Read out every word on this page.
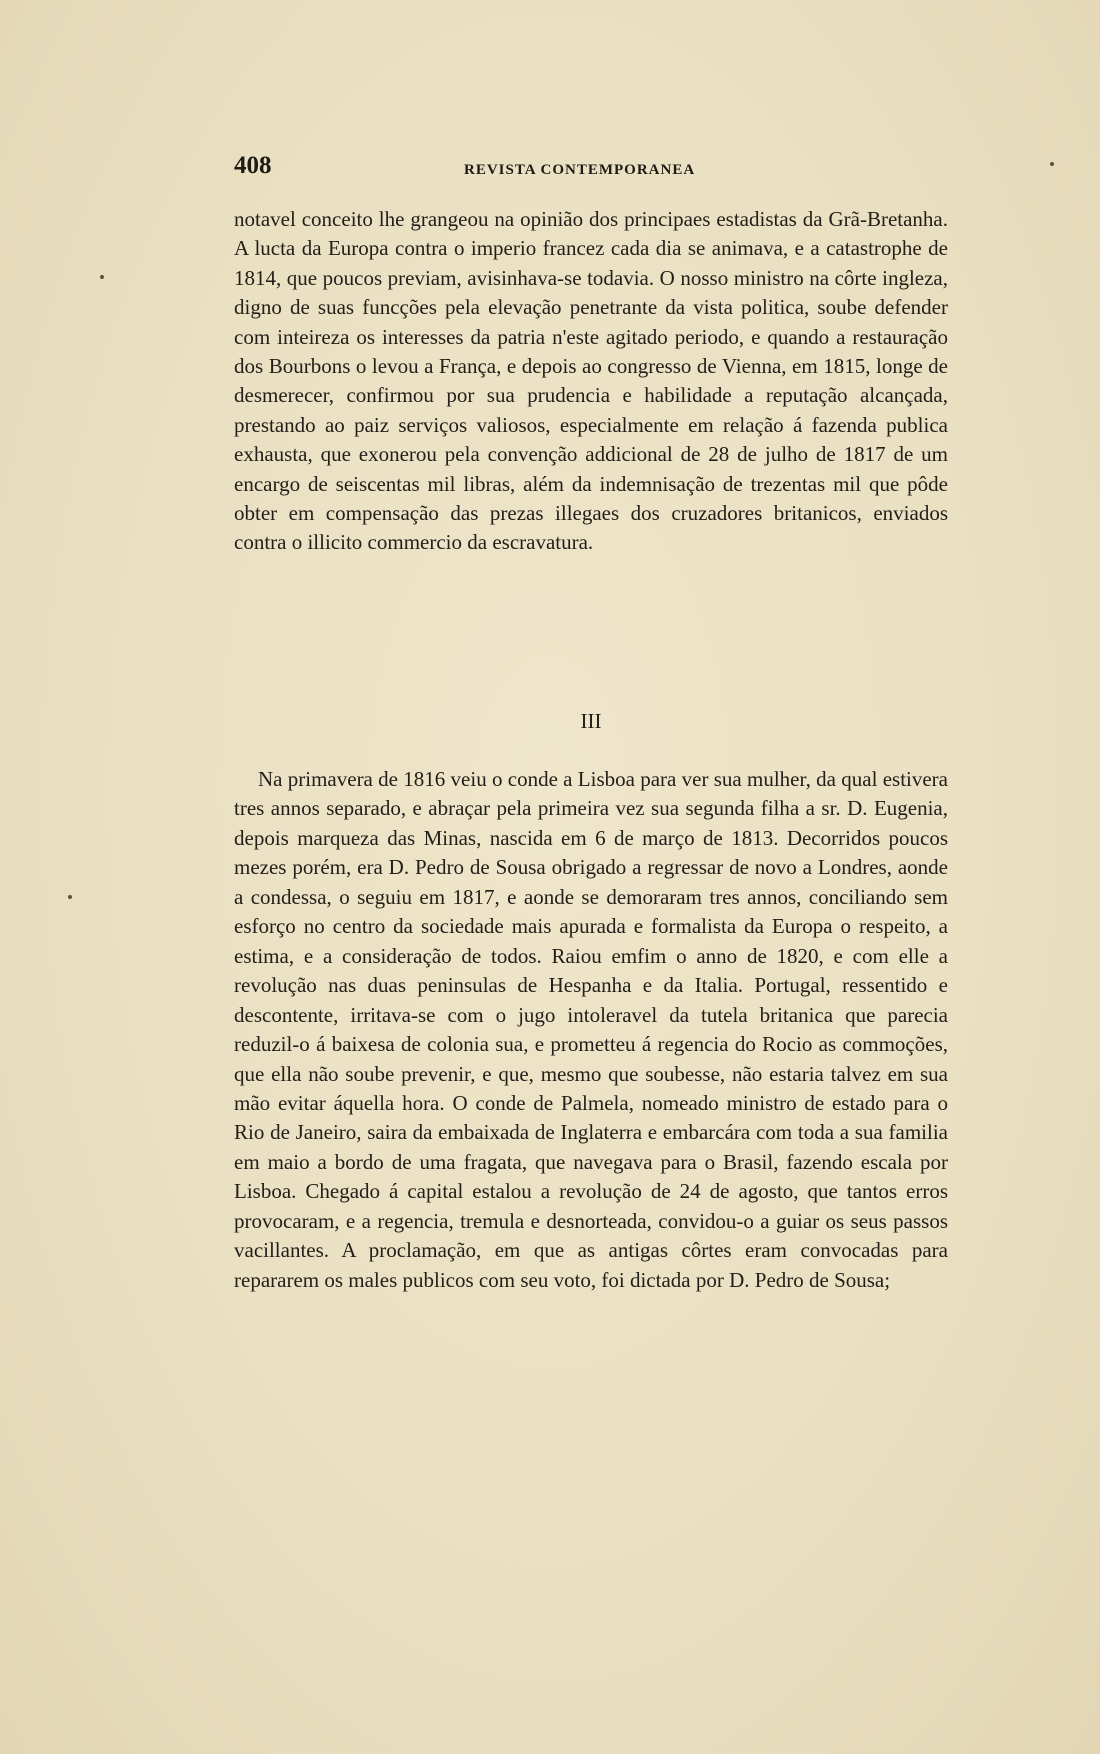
408	REVISTA CONTEMPORANEA

notavel conceito lhe grangeou na opinião dos principaes estadistas da Grã-Bretanha. A lucta da Europa contra o imperio francez cada dia se animava, e a catastrophe de 1814, que poucos previam, avisinhava-se todavia. O nosso ministro na côrte ingleza, digno de suas funcções pela elevação penetrante da vista politica, soube defender com inteireza os interesses da patria n'este agitado periodo, e quando a restauração dos Bourbons o levou a França, e depois ao congresso de Vienna, em 1815, longe de desmerecer, confirmou por sua prudencia e habilidade a reputação alcançada, prestando ao paiz serviços valiosos, especialmente em relação á fazenda publica exhausta, que exonerou pela convenção addicional de 28 de julho de 1817 de um encargo de seiscentas mil libras, além da indemnisação de trezentas mil que pôde obter em compensação das prezas illegaes dos cruzadores britanicos, enviados contra o illicito commercio da escravatura.

III

Na primavera de 1816 veiu o conde a Lisboa para ver sua mulher, da qual estivera tres annos separado, e abraçar pela primeira vez sua segunda filha a sr. D. Eugenia, depois marqueza das Minas, nascida em 6 de março de 1813. Decorridos poucos mezes porém, era D. Pedro de Sousa obrigado a regressar de novo a Londres, aonde a condessa, o seguiu em 1817, e aonde se demoraram tres annos, conciliando sem esforço no centro da sociedade mais apurada e formalista da Europa o respeito, a estima, e a consideração de todos. Raiou emfim o anno de 1820, e com elle a revolução nas duas peninsulas de Hespanha e da Italia. Portugal, ressentido e descontente, irritava-se com o jugo intoleravel da tutela britanica que parecia reduzil-o á baixesa de colonia sua, e prometteu á regencia do Rocio as commoções, que ella não soube prevenir, e que, mesmo que soubesse, não estaria talvez em sua mão evitar áquella hora. O conde de Palmela, nomeado ministro de estado para o Rio de Janeiro, saira da embaixada de Inglaterra e embarcára com toda a sua familia em maio a bordo de uma fragata, que navegava para o Brasil, fazendo escala por Lisboa. Chegado á capital estalou a revolução de 24 de agosto, que tantos erros provocaram, e a regencia, tremula e desnorteada, convidou-o a guiar os seus passos vacillantes. A proclamação, em que as antigas côrtes eram convocadas para repararem os males publicos com seu voto, foi dictada por D. Pedro de Sousa;
